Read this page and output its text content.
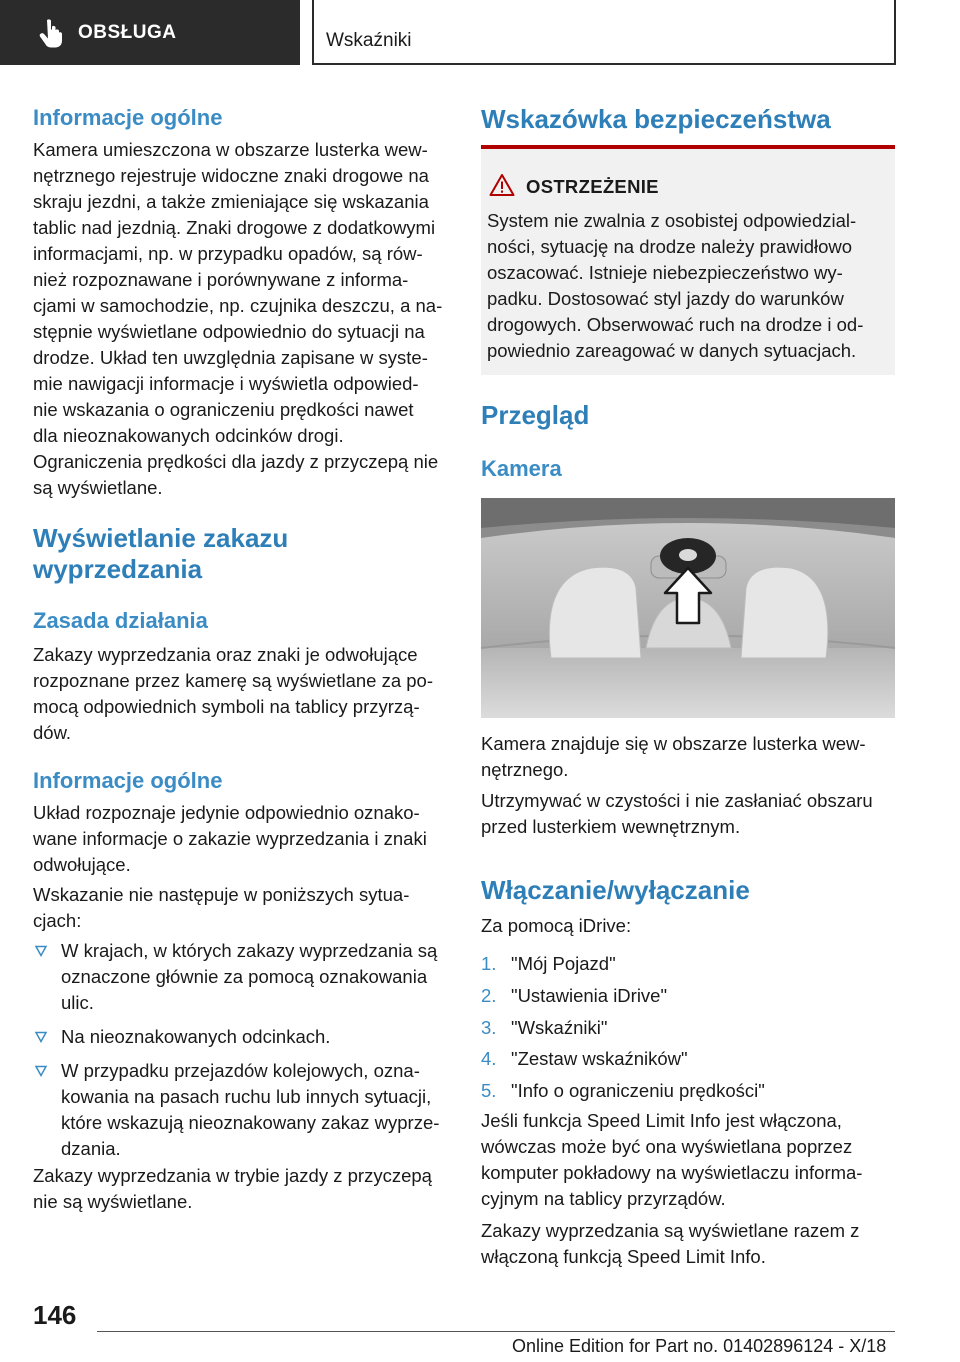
OBSŁUGA	Wskaźniki
Informacje ogólne
Kamera umieszczona w obszarze lusterka wew‐
nętrznego rejestruje widoczne znaki drogowe na
skraju jezdni, a także zmieniające się wskazania
tablic nad jezdnią. Znaki drogowe z dodatkowymi
informacjami, np. w przypadku opadów, są rów‐
nież rozpoznawane i porównywane z informa‐
cjami w samochodzie, np. czujnika deszczu, a na‐
stępnie wyświetlane odpowiednio do sytuacji na
drodze. Układ ten uwzględnia zapisane w syste‐
mie nawigacji informacje i wyświetla odpowied‐
nie wskazania o ograniczeniu prędkości nawet
dla nieoznakowanych odcinków drogi.
Ograniczenia prędkości dla jazdy z przyczepą nie
są wyświetlane.
Wyświetlanie zakazu
wyprzedzania
Zasada działania
Zakazy wyprzedzania oraz znaki je odwołujące
rozpoznane przez kamerę są wyświetlane za po‐
mocą odpowiednich symboli na tablicy przyrzą‐
dów.
Informacje ogólne
Układ rozpoznaje jedynie odpowiednio oznako‐
wane informacje o zakazie wyprzedzania i znaki
odwołujące.
Wskazanie nie następuje w poniższych sytua‐
cjach:
W krajach, w których zakazy wyprzedzania są
oznaczone głównie za pomocą oznakowania
ulic.
Na nieoznakowanych odcinkach.
W przypadku przejazdów kolejowych, ozna‐
kowania na pasach ruchu lub innych sytuacji,
które wskazują nieoznakowany zakaz wyprze‐
dzania.
Zakazy wyprzedzania w trybie jazdy z przyczepą
nie są wyświetlane.
Wskazówka bezpieczeństwa
OSTRZEŻENIE
System nie zwalnia z osobistej odpowiedzial‐
ności, sytuację na drodze należy prawidłowo
oszacować. Istnieje niebezpieczeństwo wy‐
padku. Dostosować styl jazdy do warunków
drogowych. Obserwować ruch na drodze i od‐
powiednio zareagować w danych sytuacjach.
Przegląd
Kamera
Kamera znajduje się w obszarze lusterka wew‐
nętrznego.
Utrzymywać w czystości i nie zasłaniać obszaru
przed lusterkiem wewnętrznym.
Włączanie/wyłączanie
Za pomocą iDrive:
1. "Mój Pojazd"
2. "Ustawienia iDrive"
3. "Wskaźniki"
4. "Zestaw wskaźników"
5. "Info o ograniczeniu prędkości"
Jeśli funkcja Speed Limit Info jest włączona,
wówczas może być ona wyświetlana poprzez
komputer pokładowy na wyświetlaczu informa‐
cyjnym na tablicy przyrządów.
Zakazy wyprzedzania są wyświetlane razem z
włączoną funkcją Speed Limit Info.
146
Online Edition for Part no. 01402896124 - X/18
